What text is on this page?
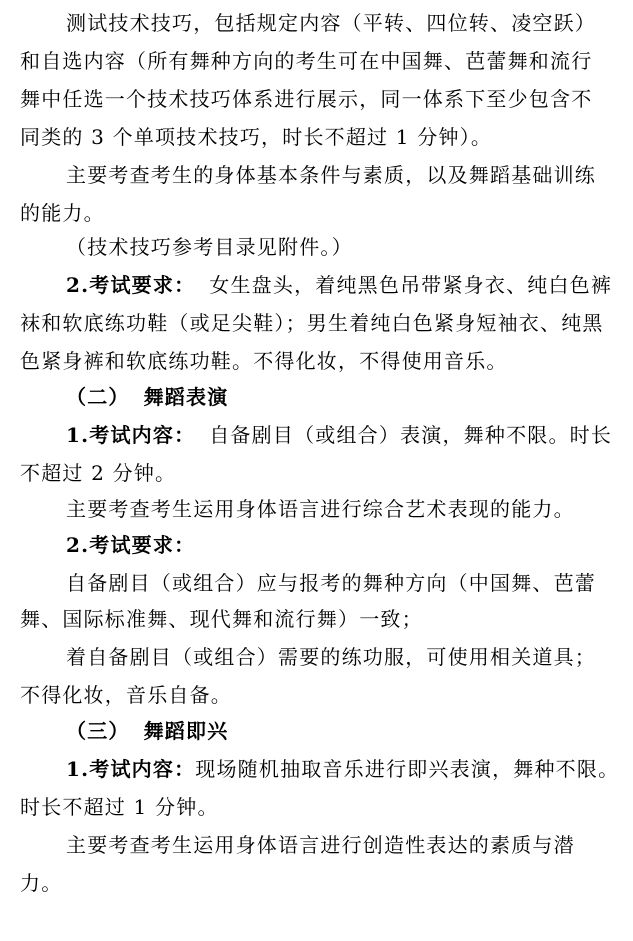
测试技术技巧，包括规定内容（平转、四位转、凌空跃）
和自选内容（所有舞种方向的考生可在中国舞、芭蕾舞和流行
舞中任选一个技术技巧体系进行展示，同一体系下至少包含不
同类的 3 个单项技术技巧，时长不超过 1 分钟）。
主要考查考生的身体基本条件与素质，以及舞蹈基础训练
的能力。
（技术技巧参考目录见附件。）
2.考试要求： 女生盘头，着纯黑色吊带紧身衣、纯白色裤
袜和软底练功鞋（或足尖鞋）；男生着纯白色紧身短袖衣、纯黑
色紧身裤和软底练功鞋。不得化妆，不得使用音乐。
（二） 舞蹈表演
1.考试内容： 自备剧目（或组合）表演，舞种不限。时长
不超过 2 分钟。
主要考查考生运用身体语言进行综合艺术表现的能力。
2.考试要求：
自备剧目（或组合）应与报考的舞种方向（中国舞、芭蕾
舞、国际标准舞、现代舞和流行舞）一致；
着自备剧目（或组合）需要的练功服，可使用相关道具；
不得化妆，音乐自备。
（三） 舞蹈即兴
1.考试内容：现场随机抽取音乐进行即兴表演，舞种不限。
时长不超过 1 分钟。
主要考查考生运用身体语言进行创造性表达的素质与潜
力。
